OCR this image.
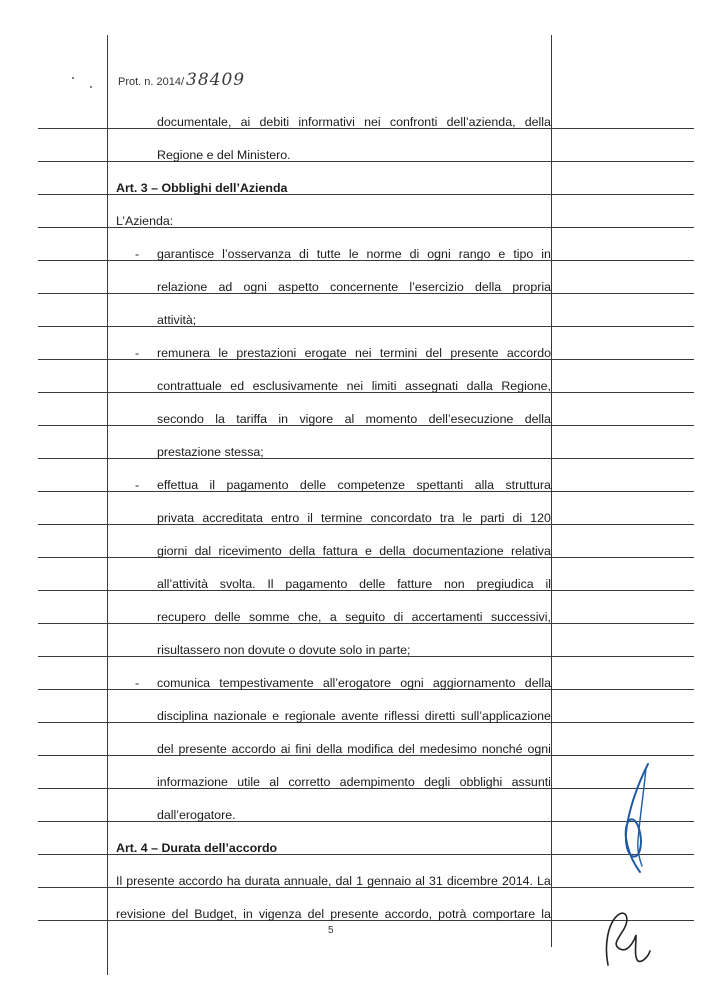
Prot. n. 2014/ 38409
documentale, ai debiti informativi nei confronti dell’azienda, della
Regione e del Ministero.
Art. 3 – Obblighi dell’Azienda
L’Azienda:
- garantisce l’osservanza di tutte le norme di ogni rango e tipo in
relazione ad ogni aspetto concernente l’esercizio della propria
attività;
- remunera le prestazioni erogate nei termini del presente accordo
contrattuale ed esclusivamente nei limiti assegnati dalla Regione,
secondo la tariffa in vigore al momento dell’esecuzione della
prestazione stessa;
- effettua il pagamento delle competenze spettanti alla struttura
privata accreditata entro il termine concordato tra le parti di 120
giorni dal ricevimento della fattura e della documentazione relativa
all’attività svolta. Il pagamento delle fatture non pregiudica il
recupero delle somme che, a seguito di accertamenti successivi,
risultassero non dovute o dovute solo in parte;
- comunica tempestivamente all’erogatore ogni aggiornamento della
disciplina nazionale e regionale avente riflessi diretti sull’applicazione
del presente accordo ai fini della modifica del medesimo nonché ogni
informazione utile al corretto adempimento degli obblighi assunti
dall’erogatore.
Art. 4 – Durata dell’accordo
Il presente accordo ha durata annuale, dal 1 gennaio al 31 dicembre 2014. La
revisione del Budget, in vigenza del presente accordo, potrà comportare la
5
